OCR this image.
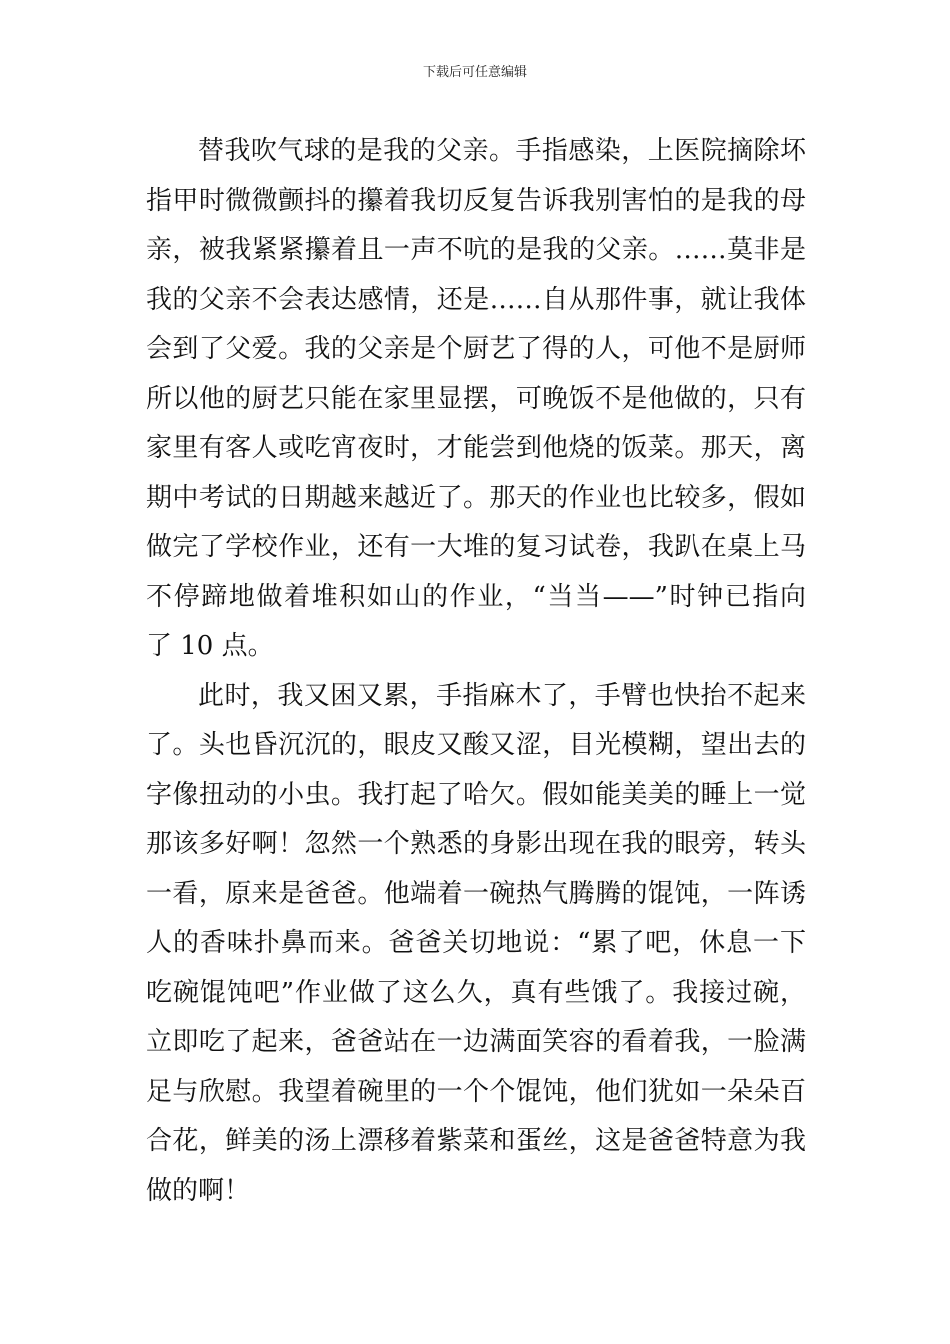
下载后可任意编辑

替我吹气球的是我的父亲。手指感染，上医院摘除坏
指甲时微微颤抖的攥着我切反复告诉我别害怕的是我的母
亲，被我紧紧攥着且一声不吭的是我的父亲。……莫非是
我的父亲不会表达感情，还是……自从那件事，就让我体
会到了父爱。我的父亲是个厨艺了得的人，可他不是厨师
所以他的厨艺只能在家里显摆，可晚饭不是他做的，只有
家里有客人或吃宵夜时，才能尝到他烧的饭菜。那天，离
期中考试的日期越来越近了。那天的作业也比较多，假如
做完了学校作业，还有一大堆的复习试卷，我趴在桌上马
不停蹄地做着堆积如山的作业，“当当——”时钟已指向
了 10 点。

此时，我又困又累，手指麻木了，手臂也快抬不起来
了。头也昏沉沉的，眼皮又酸又涩，目光模糊，望出去的
字像扭动的小虫。我打起了哈欠。假如能美美的睡上一觉
那该多好啊！忽然一个熟悉的身影出现在我的眼旁，转头
一看，原来是爸爸。他端着一碗热气腾腾的馄饨，一阵诱
人的香味扑鼻而来。爸爸关切地说：“累了吧，休息一下
吃碗馄饨吧”作业做了这么久，真有些饿了。我接过碗，
立即吃了起来，爸爸站在一边满面笑容的看着我，一脸满
足与欣慰。我望着碗里的一个个馄饨，他们犹如一朵朵百
合花，鲜美的汤上漂移着紫菜和蛋丝，这是爸爸特意为我
做的啊！
